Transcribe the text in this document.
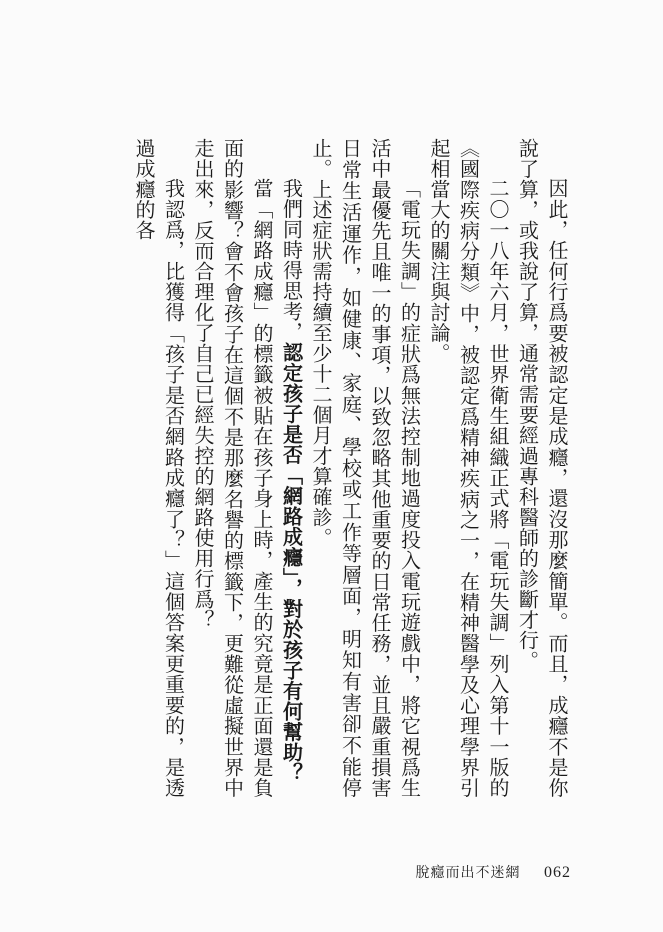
因此，任何行爲要被認定是成癮，還沒那麼簡單。而且，成癮不是你說了算，或我說了算，通常需要經過專科醫師的診斷才行。

二〇一八年六月，世界衛生組織正式將「電玩失調」列入第十一版的《國際疾病分類》中，被認定爲精神疾病之一，在精神醫學及心理學界引起相當大的關注與討論。

「電玩失調」的症狀爲無法控制地過度投入電玩遊戲中，將它視爲生活中最優先且唯一的事項，以致忽略其他重要的日常任務，並且嚴重損害日常生活運作，如健康、家庭、學校或工作等層面，明知有害卻不能停止。上述症狀需持續至少十二個月才算確診。

我們同時得思考，認定孩子是否「網路成癮」，對於孩子有何幫助？

當「網路成癮」的標籤被貼在孩子身上時，產生的究竟是正面還是負面的影響？會不會孩子在這個不是那麼名譽的標籤下，更難從虛擬世界中走出來，反而合理化了自己已經失控的網路使用行爲？

我認爲，比獲得「孩子是否網路成癮了？」這個答案更重要的，是透過成癮的各

脫癮而出不迷網 062
